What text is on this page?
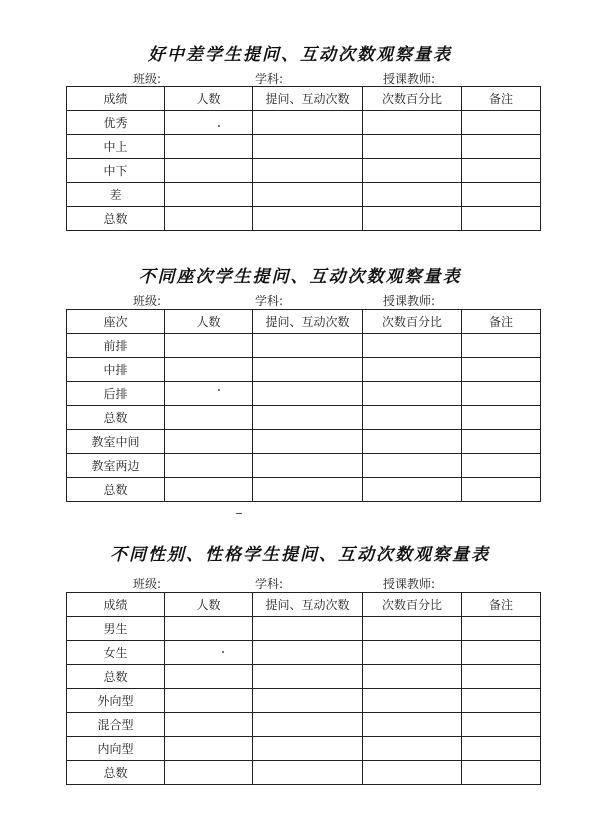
好中差学生提问、互动次数观察量表
班级:	学科:	授课教师:
成绩	人数	提问、互动次数	次数百分比	备注
优秀				
中上				
中下				
差				
总数				
不同座次学生提问、互动次数观察量表
班级:	学科:	授课教师:
座次	人数	提问、互动次数	次数百分比	备注
前排				
中排				
后排				
总数				
教室中间				
教室两边				
总数				
不同性别、性格学生提问、互动次数观察量表
班级:	学科:	授课教师:
成绩	人数	提问、互动次数	次数百分比	备注
男生				
女生				
总数				
外向型				
混合型				
内向型				
总数				
